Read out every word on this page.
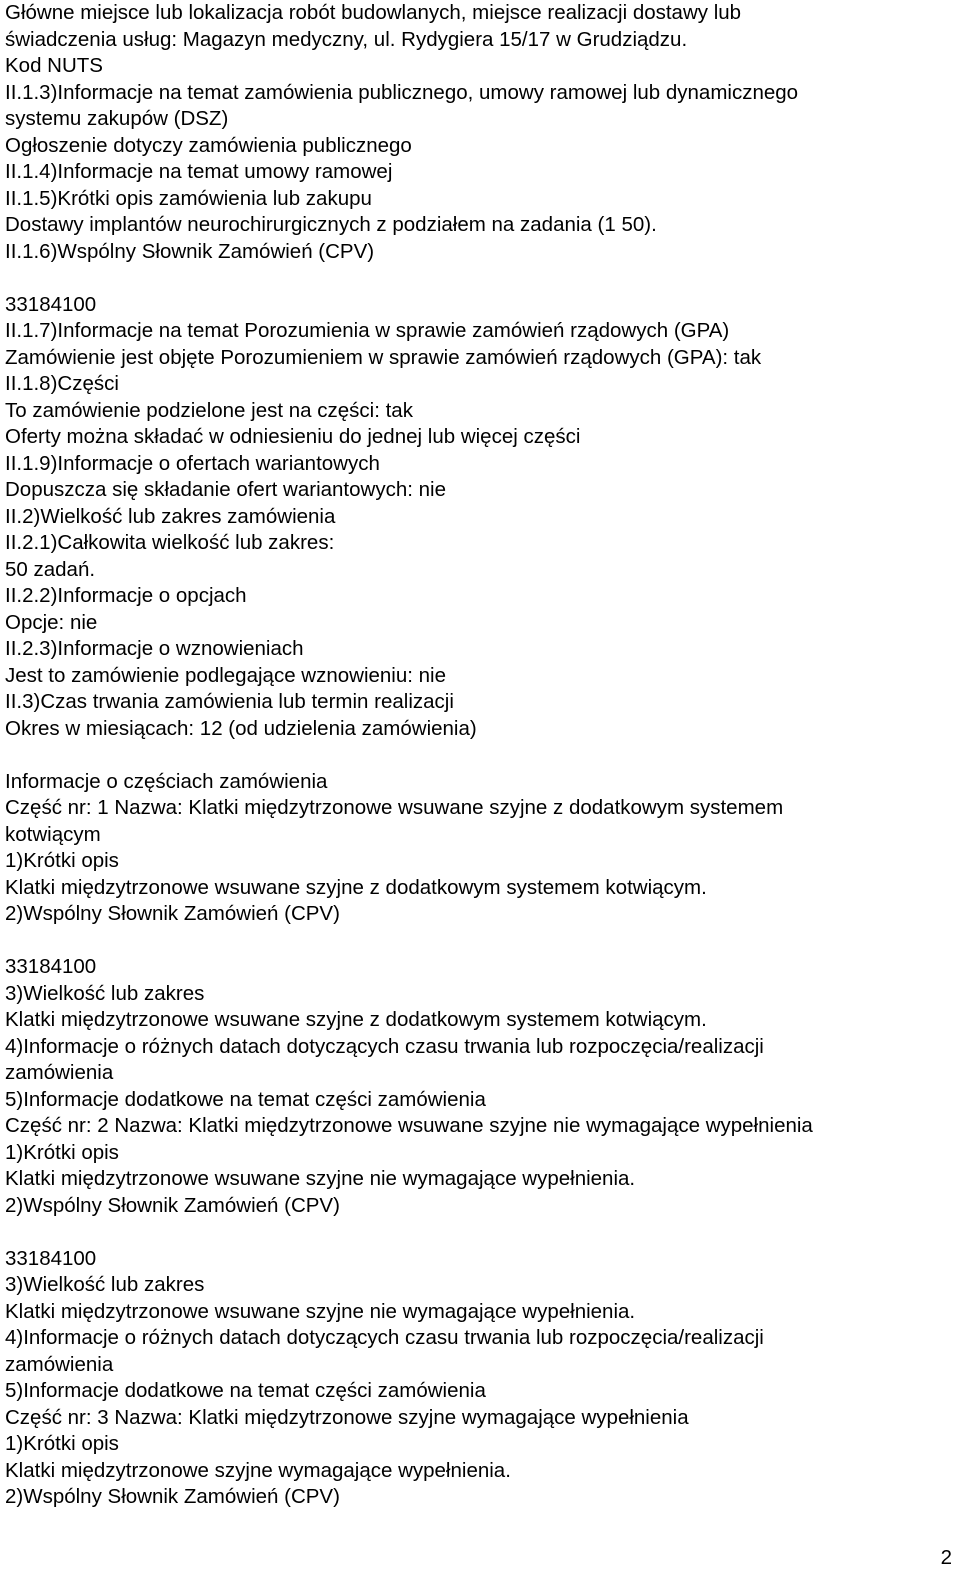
Główne miejsce lub lokalizacja robót budowlanych, miejsce realizacji dostawy lub
świadczenia usług: Magazyn medyczny, ul. Rydygiera 15/17 w Grudziądzu.
Kod NUTS
II.1.3)Informacje na temat zamówienia publicznego, umowy ramowej lub dynamicznego
systemu zakupów (DSZ)
Ogłoszenie dotyczy zamówienia publicznego
II.1.4)Informacje na temat umowy ramowej
II.1.5)Krótki opis zamówienia lub zakupu
Dostawy implantów neurochirurgicznych z podziałem na zadania (1 50).
II.1.6)Wspólny Słownik Zamówień (CPV)
33184100
II.1.7)Informacje na temat Porozumienia w sprawie zamówień rządowych (GPA)
Zamówienie jest objęte Porozumieniem w sprawie zamówień rządowych (GPA): tak
II.1.8)Części
To zamówienie podzielone jest na części: tak
Oferty można składać w odniesieniu do jednej lub więcej części
II.1.9)Informacje o ofertach wariantowych
Dopuszcza się składanie ofert wariantowych: nie
II.2)Wielkość lub zakres zamówienia
II.2.1)Całkowita wielkość lub zakres:
50 zadań.
II.2.2)Informacje o opcjach
Opcje: nie
II.2.3)Informacje o wznowieniach
Jest to zamówienie podlegające wznowieniu: nie
II.3)Czas trwania zamówienia lub termin realizacji
Okres w miesiącach: 12 (od udzielenia zamówienia)
Informacje o częściach zamówienia
Część nr: 1 Nazwa: Klatki międzytrzonowe wsuwane szyjne z dodatkowym systemem
kotwiącym
1)Krótki opis
Klatki międzytrzonowe wsuwane szyjne z dodatkowym systemem kotwiącym.
2)Wspólny Słownik Zamówień (CPV)
33184100
3)Wielkość lub zakres
Klatki międzytrzonowe wsuwane szyjne z dodatkowym systemem kotwiącym.
4)Informacje o różnych datach dotyczących czasu trwania lub rozpoczęcia/realizacji
zamówienia
5)Informacje dodatkowe na temat części zamówienia
Część nr: 2 Nazwa: Klatki międzytrzonowe wsuwane szyjne nie wymagające wypełnienia
1)Krótki opis
Klatki międzytrzonowe wsuwane szyjne nie wymagające wypełnienia.
2)Wspólny Słownik Zamówień (CPV)
33184100
3)Wielkość lub zakres
Klatki międzytrzonowe wsuwane szyjne nie wymagające wypełnienia.
4)Informacje o różnych datach dotyczących czasu trwania lub rozpoczęcia/realizacji
zamówienia
5)Informacje dodatkowe na temat części zamówienia
Część nr: 3 Nazwa: Klatki międzytrzonowe szyjne wymagające wypełnienia
1)Krótki opis
Klatki międzytrzonowe szyjne wymagające wypełnienia.
2)Wspólny Słownik Zamówień (CPV)
2
